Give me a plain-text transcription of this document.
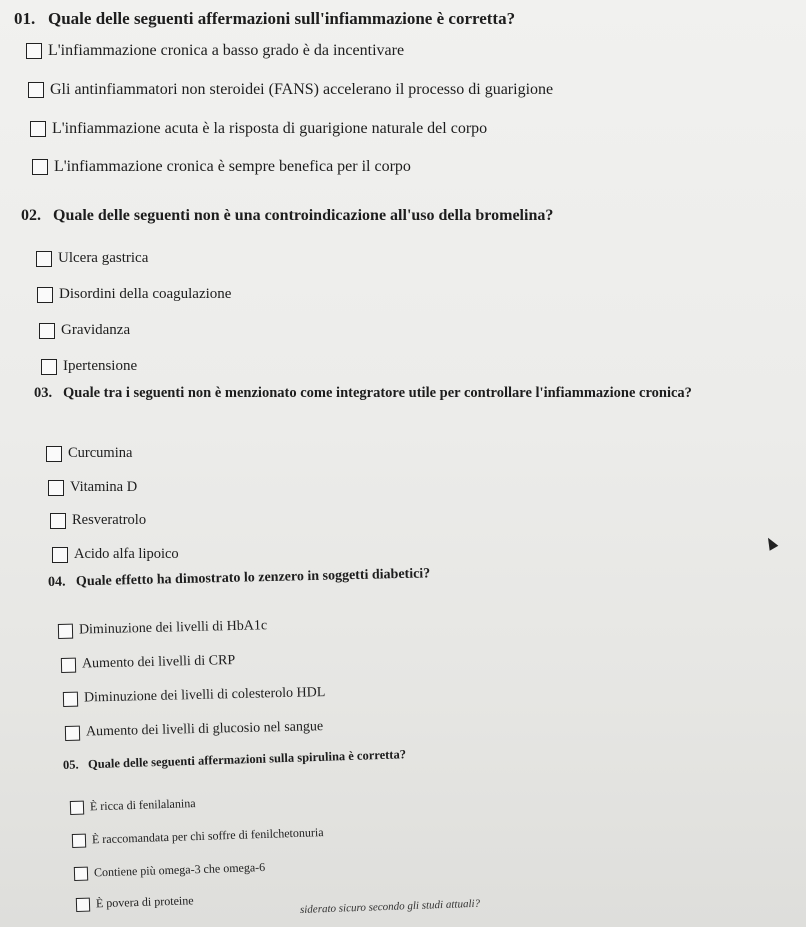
01. Quale delle seguenti affermazioni sull'infiammazione è corretta?
L'infiammazione cronica a basso grado è da incentivare
Gli antinfiammatori non steroidei (FANS) accelerano il processo di guarigione
L'infiammazione acuta è la risposta di guarigione naturale del corpo
L'infiammazione cronica è sempre benefica per il corpo
02. Quale delle seguenti non è una controindicazione all'uso della bromelina?
Ulcera gastrica
Disordini della coagulazione
Gravidanza
Ipertensione
03. Quale tra i seguenti non è menzionato come integratore utile per controllare l'infiammazione cronica?
Curcumina
Vitamina D
Resveratrolo
Acido alfa lipoico
04. Quale effetto ha dimostrato lo zenzero in soggetti diabetici?
Diminuzione dei livelli di HbA1c
Aumento dei livelli di CRP
Diminuzione dei livelli di colesterolo HDL
Aumento dei livelli di glucosio nel sangue
05. Quale delle seguenti affermazioni sulla spirulina è corretta?
È ricca di fenilalanina
È raccomandata per chi soffre di fenilchetonuria
Contiene più omega-3 che omega-6
È povera di proteine	siderato sicuro secondo gli studi attuali?
